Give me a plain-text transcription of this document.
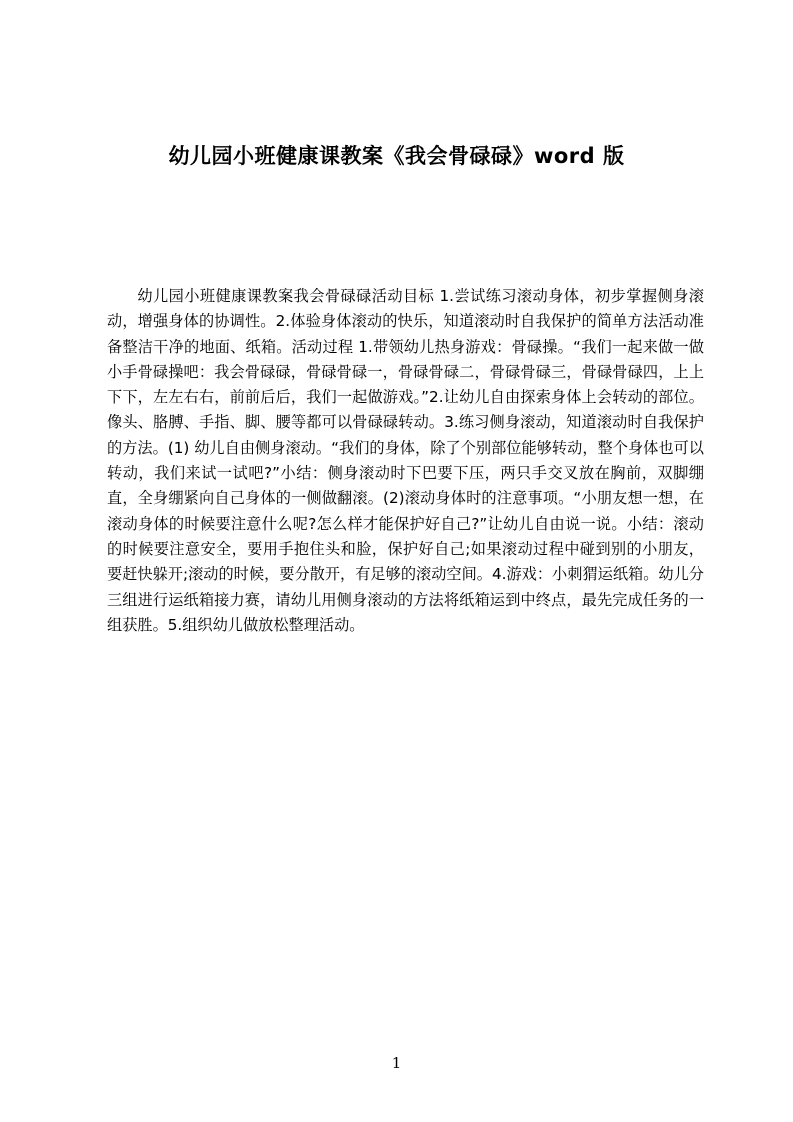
幼儿园小班健康课教案《我会骨碌碌》word 版

幼儿园小班健康课教案我会骨碌碌活动目标 1.尝试练习滚动身体，初步掌握侧身滚动，增强身体的协调性。2.体验身体滚动的快乐，知道滚动时自我保护的简单方法活动准备整洁干净的地面、纸箱。活动过程 1.带领幼儿热身游戏：骨碌操。“我们一起来做一做小手骨碌操吧：我会骨碌碌，骨碌骨碌一，骨碌骨碌二，骨碌骨碌三，骨碌骨碌四，上上下下，左左右右，前前后后，我们一起做游戏。”2.让幼儿自由探索身体上会转动的部位。像头、胳膊、手指、脚、腰等都可以骨碌碌转动。3.练习侧身滚动，知道滚动时自我保护的方法。(1) 幼儿自由侧身滚动。“我们的身体，除了个别部位能够转动，整个身体也可以转动，我们来试一试吧?”小结：侧身滚动时下巴要下压，两只手交叉放在胸前，双脚绷直，全身绷紧向自己身体的一侧做翻滚。(2)滚动身体时的注意事项。“小朋友想一想，在滚动身体的时候要注意什么呢?怎么样才能保护好自己?”让幼儿自由说一说。小结：滚动的时候要注意安全，要用手抱住头和脸，保护好自己;如果滚动过程中碰到别的小朋友，要赶快躲开;滚动的时候，要分散开，有足够的滚动空间。4.游戏：小刺猬运纸箱。幼儿分三组进行运纸箱接力赛，请幼儿用侧身滚动的方法将纸箱运到中终点，最先完成任务的一组获胜。5.组织幼儿做放松整理活动。

1
